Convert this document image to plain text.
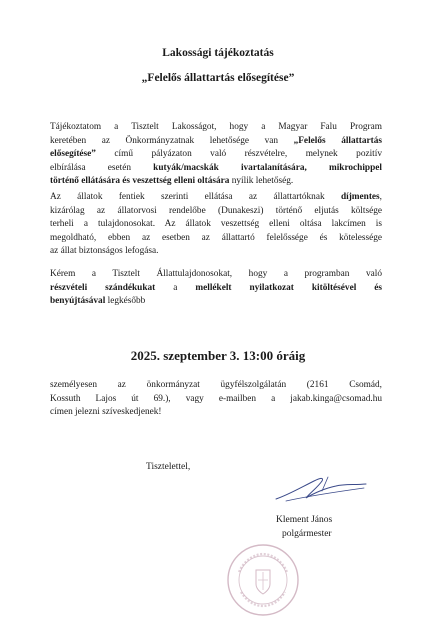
Lakossági tájékoztatás
„Felelős állattartás elősegítése”
Tájékoztatom a Tisztelt Lakosságot, hogy a Magyar Falu Program
keretében az Önkormányzatnak lehetősége van „Felelős állattartás
elősegítése” című pályázaton való részvételre, melynek pozitív
elbírálása esetén kutyák/macskák ivartalanítására, mikrochippel
történő ellátására és veszettség elleni oltására nyílik lehetőség.
Az állatok fentiek szerinti ellátása az állattartóknak díjmentes,
kizárólag az állatorvosi rendelőbe (Dunakeszi) történő eljutás költsége
terheli a tulajdonosokat. Az állatok veszettség elleni oltása lakcímen is
megoldható, ebben az esetben az állattartó felelőssége és kötelessége
az állat biztonságos lefogása.
Kérem a Tisztelt Állattulajdonosokat, hogy a programban való
részvételi szándékukat a mellékelt nyilatkozat kitöltésével és
benyújtásával legkésőbb
2025. szeptember 3. 13:00 óráig
személyesen az önkormányzat ügyfélszolgálatán (2161 Csomád,
Kossuth Lajos út 69.), vagy e-mailben a jakab.kinga@csomad.hu
címen jelezni szíveskedjenek!
Tisztelettel,
Klement János
polgármester
